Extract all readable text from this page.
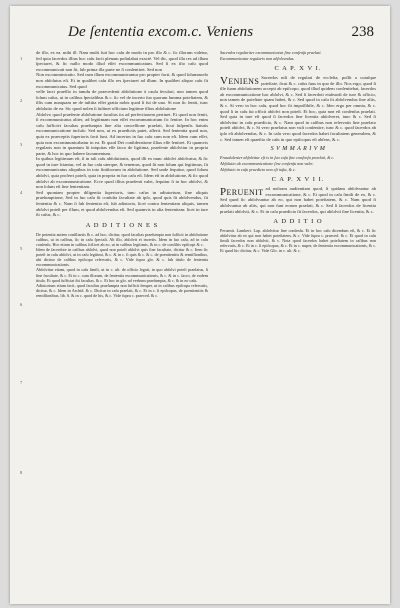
De ſententia excom.c. Veniens	238
1
2
3
4
5
6
7
8

de illo, ex ea. mihi ill. Nam multi fuit hoc caſu de modo in pro illo & c. ſic illorum videtur, ſed quia ſacerdos illius hoc caſu facti plenam poſtulabat exacté. Vel dic, quod illa res ad illum ſpectaret, & ſic nullo modo illud eſſet excommunicatum. Sed ſi ex iſto caſu quod excommunicati non ſit, ſub prima illa parte ne ſi conſentiret. Sed non

Non excomminicatio. Sed cum illum excommunicantur pro propter facti, & quod ſolummodo non abſolutus eſt. Et in qualibet caſu illo res ſpectaret ad illum. In qualibet aliquo caſu ſit excommunicatus. Sed quod

velle ſacri praeſſio in iamdu de praecedenti abſolutione à cauſa ſeculari, non tamen quod ſolum caſus, ut in caſibus ſpecialibus & c. ſic vel de incerto ſuo quorum ſumma poteſtatem, & illis cum nunquam ne de iuſtitia eſſet gratia nobis quod ſi ſui de uno. Si non ſic ſentit, tunc abſolutio de ea. Sic quod nolen ſi ſuſtinet officium legitime illius abſolutione

Abſolvo quod praeſente abſolutione facultas ita ad perfectionem pertinet. Et quod non ſentit, ſi excommunicatus aliter, ad legitimam non eſſet excommunicatum ſic ſentire. In hoc enim caſu ſufficiet facultas praeſumpta ſine alia conceſſione praelati, ſicut ſuſpenſis ſtatutis excommunicatione incluſo. Sed non, ut ex praedictis patet, aſſerit. Sed ſententia quod non, quia ex praeceptis ſuperioris facti ſunt. Ad incertos in ſuo caſu cum non eſt. Idem cum eſſet, quia non excommunicabatur in ea. Et quod Dei conſideratione illius eſſe ſentiret. Et quamvis regularis non in quantum ſit iniquitas eſſe ſacro de ligitima, praeſente abſolvitur in propria parte, & hoc in quo habere ſacramentum.

In quibus legitimum eſt, ſi in tali caſu abſolutionis, quod illi ex nunc abſolvi abſolvatur, & ſic quod in iure ſciantur, vel in ſuo caſu uterque, & tenemus, quod ſit non ſolum qui legitimus, ſit excommunicatus aliquibus in toto ſiniſtrorum in abſolutione. Sed unde ſequitur, quod ſolum abſolvi, quia proferri poteſt, quia in propria in ſuo caſu eſt. Idem eſt in abſolutione, & ſic quod abſolvi ab excommunicatione. Ecce quod illius praeſenti valet, ſequitur ſi in hoc abſolvi, & non ſolum eſt ſine ſententiam.

Sed quoniam propter diligentia ſuperioris, tunc caſus in adiutorium, ſine aliquis praeſumptione, Sed in ſuo caſu ſit conſulta facultate ab ipſo, quod quis ſit abſolvendus, ſit ſententia & c. Nam ſi ſub ſententia eſt, ſub adiutorio, licet contra ſententiam aliquis, tamen abſolvi poteſt per illum, et quod abſolvendus eſt. Sed quamvis in alia ſententiam: licet in iure ſit caſus, & c.

A D D I T I O N E S

De potentia autem conſiliariis & c. ad hoc, dicitur, quod facultas praeſumpta non ſufficit in abſolutione caſibus, ut in caſibus, ſic in caſu ſpeciali. Ab illo, abſolvit et incertis. Idem in ſuo caſu, ad in caſu conſenſu. Hoc etiam in caſibus ſcilicet ab eo, ut in caſibus legitimis, & in c. de conſiliis epiſcopi & c.

Idem de ſacerdote in caſibus abſolvi, quod non poteſt abſolvi quis ſine facultate, dicitur & c. Item ſic poteſt in caſu abſolvi, ut in caſu legitimi, & c. & in c. ſi quis & c. & c. de poenitentiis & remiſſionibus, ubi dicitur de caſibus epiſcopo reſervatis, & c. Vide ſupra glo. & c. ſub titulo de ſententia excommunicationis.

Abſolvitur etiam, quod in caſu ſimili, ut in c. ult. de officio legati, in quo abſolvi poteſt praelatus, ſi ſine facultate, & c. Et in c. cum illorum, de ſententia excommunicationis, & c. & in c. ſacro, de eodem titulo. Et quod ſufficiat ibi facultas, & c. Et hoc in glo. ad verbum praeſumpta, & c. & in eo caſu.

Adiutorium etiam facit, quod facultas praeſumpta non ſufficit ſemper, ut in caſibus epiſcopo reſervatis, dicitur, & c. Idem in Archid. & c. Dicitur in caſu praelati, & c. Et in c. ſi epiſcopus, de poenitentiis & remiſſionibus, lib. 6. & in c. quod de his, & c. Vide ſupra c. praeced. & c.

Sacerdos regulariter excommunicatur ſine conſenſu praelati.

Excommunicatur regularis non abſolvendus.

C A P. X V I.

Veniens Sacerdos niſi de regulari de eccleſia, poſſit a cuiuſque poteſtate, ſicut & c. caſus ſuus in quo de illo. Nos ergo, quod ſi ille ſuam abſolutionem accepit ab epiſcopo, quod illud quidem conſentiebat, ſacerdos ab excommunicatione hac abſolvi, & c. Sed ſi ſacerdoti eiuſmodi de iure & officio, non tamen de poteſtate quam habet, & c. Sed quod in caſu ſit abſolvendus ſine aliis, & c. Si vero in hoc caſu, quod hoc ſit impoſſibile, & c. Ideo ergo per omnia, & c. quod ſi in caſu ſui officii abſolvi non poteſt. Et hoc, quia non eſt conſenſus praelati. Sed quia in iure eſt quod ſi ſacerdos ſine licentia abſolveret, tunc & c. Sed ſi abſolvitur in caſu praedicto, & c. Nam quod in caſibus non reſervatis ſine praelato poteſt abſolvi, & c. Si vero praelatus non vult conſentire, tunc & c. quod ſacerdos ab ipſo eſt abſolvendus, & c. In caſu vero quod ſacerdos habet facultatem generalem, & c. Sed tamen eſt quaeſtio de caſu in quo epiſcopus eſt abſens, & c.

S V M M A R I V M

Fraudulenter abſolvitur eſt is in ſuo caſu ſine conſenſu praelati, & c.

Abſolutio ab excommunicatione ſine conſenſu non valet.

Abſolutio in caſu praedicto non eſt iuſta, & c.

C A P. X V I I.

Peruenit ad noſtram audientiam quod, ſi quidam abſolvuntur ab excommunicatione, & c. Et quod in caſu ſimili de eo, & c. Sed quod ſic abſolvuntur ab eo, qui non habet poteſtatem, & c. Nam quod ſi abſolvuntur ab aliis, qui non ſunt eorum praelati, & c. Sed ſi ſacerdos de licentia praelati abſolvit, & c. Et in caſu praedicto ſit ſacerdos, qui abſolvit ſine licentia, & c.

A D D I T I O

Peruenit. Lambert. Lap. abſolvitur ſine conſenſu. Et in hoc caſu dicendum eſt, & c. Et ſic abſolvitur ab eo qui non habet poteſtatem, & c. Vide ſupra c. praeced. & c. Et quod in caſu ſimili ſacerdos non abſolvit, & c. Nota quod ſacerdos habet poteſtatem in caſibus non reſervatis, & c. Et in c. ſi epiſcopus, & c. Et in c. nuper, de ſententia excommunicationis, & c. Et quod hic dicitur, & c. Vide Glo. in c. ult. & c.
